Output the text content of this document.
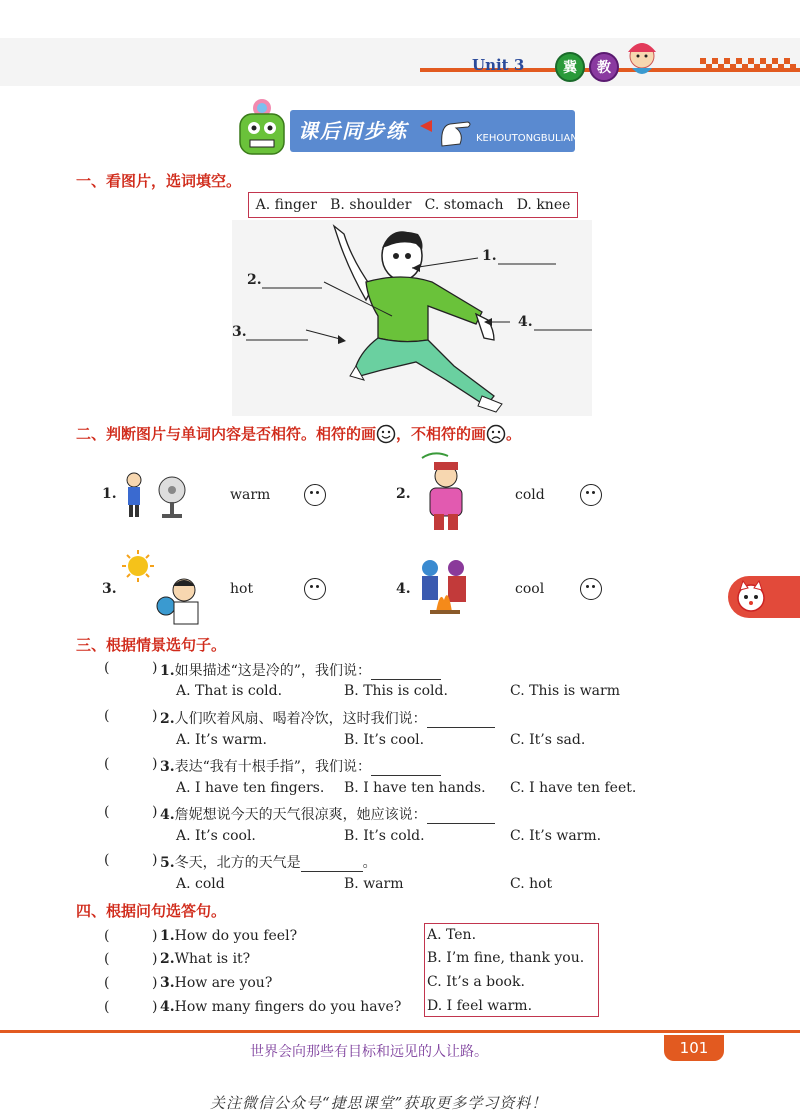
Unit 3	冀	教
课后同步练	KEHOUTONGBULIAN
一、看图片，选词填空。
A. finger B. shoulder C. stomach D. knee
1.
2.
3.
4.
二、判断图片与单词内容是否相符。相符的画 ，不相符的画 。
1.	warm	2.	cold
3.	hot	4.	cool
三、根据情景选句子。
(	) 1.如果描述“这是冷的”，我们说：
A. That is cold.	B. This is cold.	C. This is warm
(	) 2.人们吹着风扇、喝着冷饮，这时我们说：
A. It’s warm.	B. It’s cool.	C. It’s sad.
(	) 3.表达“我有十根手指”，我们说：
A. I have ten fingers. B. I have ten hands. C. I have ten feet.
(	) 4.詹妮想说今天的天气很凉爽，她应该说：
A. It’s cool.	B. It’s cold.	C. It’s warm.
(	) 5.冬天，北方的天气是	。
A. cold	B. warm	C. hot
四、根据问句选答句。
(	) 1.How do you feel?
(	) 2.What is it?
(	) 3.How are you?
(	) 4.How many fingers do you have?
A. Ten.
B. I’m fine, thank you.
C. It’s a book.
D. I feel warm.
世界会向那些有目标和远见的人让路。	101
关注微信公众号“捷思课堂”获取更多学习资料！
